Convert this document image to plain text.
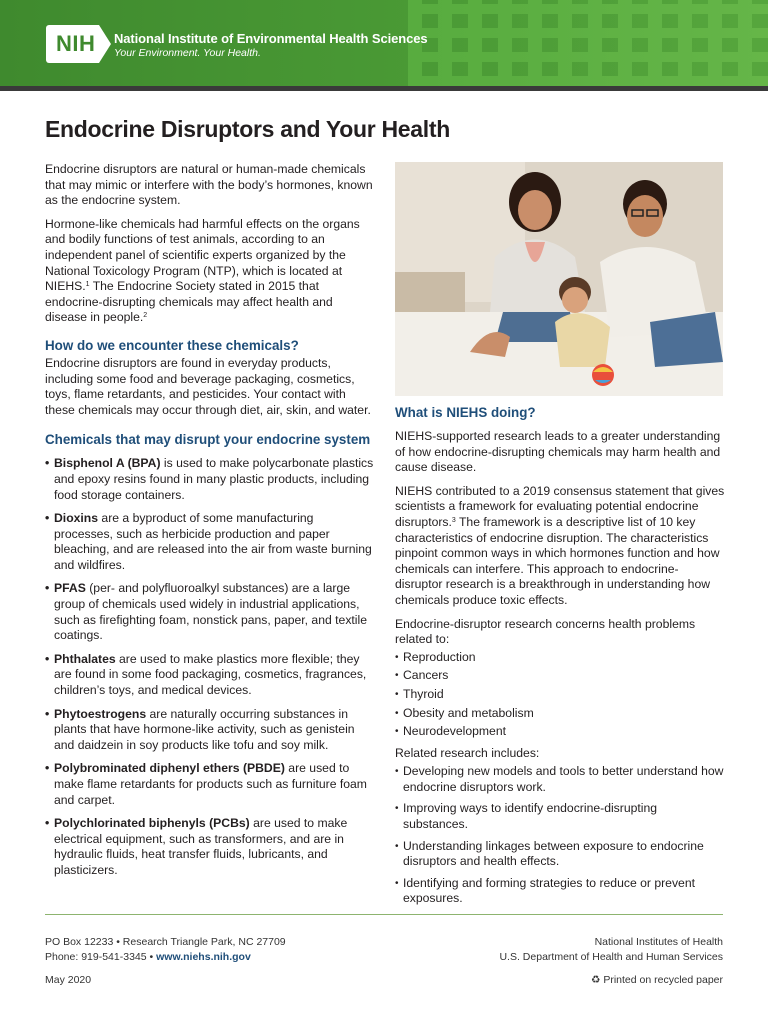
NIH	National Institute of Environmental Health Sciences
Your Environment. Your Health.
Endocrine Disruptors and Your Health

Endocrine disruptors are natural or human-made chemicals that may mimic or interfere with the body’s hormones, known as the endocrine system.

Hormone-like chemicals had harmful effects on the organs and bodily functions of test animals, according to an independent panel of scientific experts organized by the National Toxicology Program (NTP), which is located at NIEHS.$^1$ The Endocrine Society stated in 2015 that endocrine-disrupting chemicals may affect health and disease in people.$^2$

How do we encounter these chemicals?

Endocrine disruptors are found in everyday products, including some food and beverage packaging, cosmetics, toys, flame retardants, and pesticides. Your contact with these chemicals may occur through diet, air, skin, and water.

Chemicals that may disrupt your endocrine system
• Bisphenol A (BPA) is used to make polycarbonate plastics and epoxy resins found in many plastic products, including food storage containers.
• Dioxins are a byproduct of some manufacturing processes, such as herbicide production and paper bleaching, and are released into the air from waste burning and wildfires.
• PFAS (per- and polyfluoroalkyl substances) are a large group of chemicals used widely in industrial applications, such as firefighting foam, nonstick pans, paper, and textile coatings.
• Phthalates are used to make plastics more flexible; they are found in some food packaging, cosmetics, fragrances, children’s toys, and medical devices.
• Phytoestrogens are naturally occurring substances in plants that have hormone-like activity, such as genistein and daidzein in soy products like tofu and soy milk.
• Polybrominated diphenyl ethers (PBDE) are used to make flame retardants for products such as furniture foam and carpet.
• Polychlorinated biphenyls (PCBs) are used to make electrical equipment, such as transformers, and are in hydraulic fluids, heat transfer fluids, lubricants, and plasticizers.
What is NIEHS doing?

NIEHS-supported research leads to a greater understanding of how endocrine-disrupting chemicals may harm health and cause disease.

NIEHS contributed to a 2019 consensus statement that gives scientists a framework for evaluating potential endocrine disruptors.$^3$ The framework is a descriptive list of 10 key characteristics of endocrine disruption. The characteristics pinpoint common ways in which hormones function and how chemicals can interfere. This approach to endocrine-disruptor research is a breakthrough in understanding how chemicals produce toxic effects.

Endocrine-disruptor research concerns health problems related to:

• Reproduction
• Cancers
• Thyroid
• Obesity and metabolism
• Neurodevelopment

Related research includes:

• Developing new models and tools to better understand how endocrine disruptors work.
• Improving ways to identify endocrine-disrupting substances.
• Understanding linkages between exposure to endocrine disruptors and health effects.
• Identifying and forming strategies to reduce or prevent exposures.
PO Box 12233 • Research Triangle Park, NC 27709
Phone: 919-541-3345 • www.niehs.nih.gov
May 2020
National Institutes of Health
U.S. Department of Health and Human Services
♻ Printed on recycled paper
